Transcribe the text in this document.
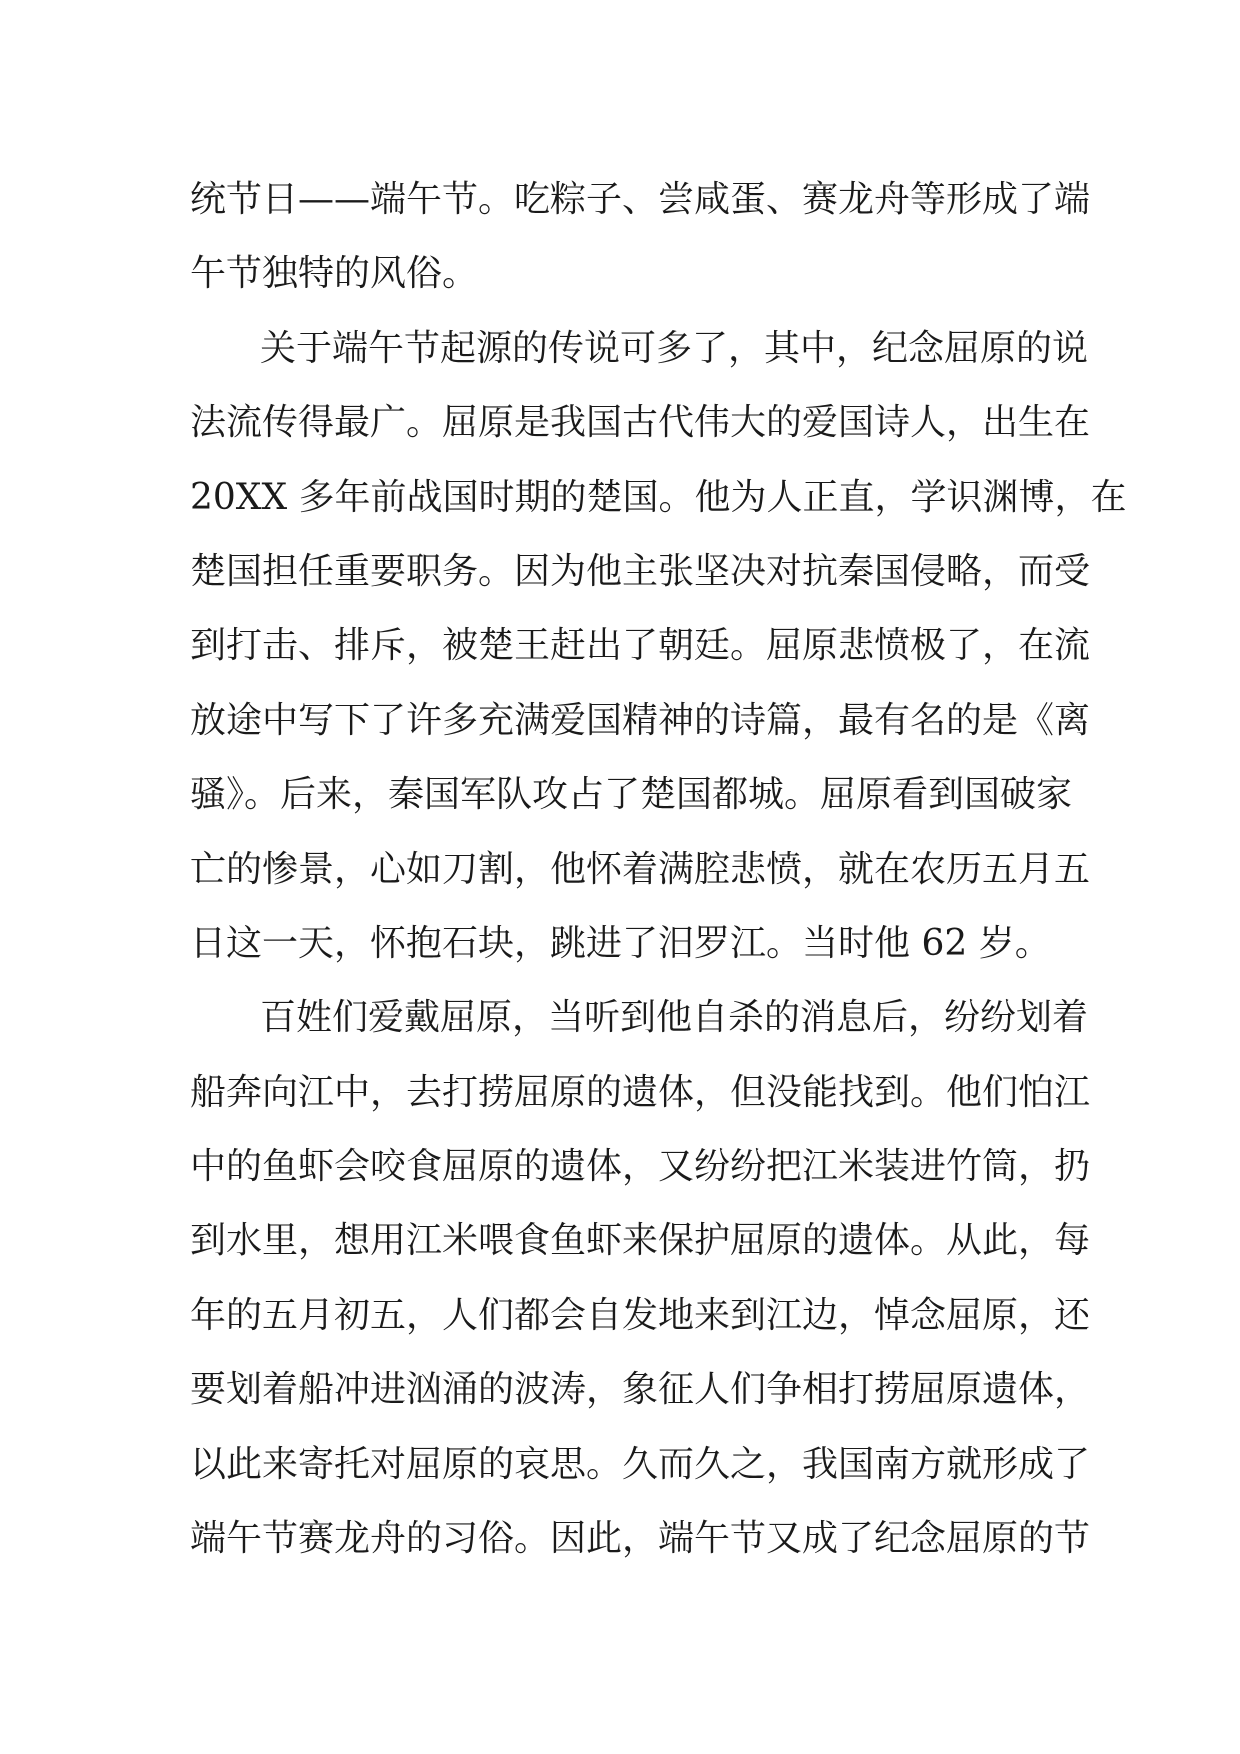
统节日——端午节。吃粽子、尝咸蛋、赛龙舟等形成了端
午节独特的风俗。
关于端午节起源的传说可多了，其中，纪念屈原的说
法流传得最广。屈原是我国古代伟大的爱国诗人，出生在
20XX 多年前战国时期的楚国。他为人正直，学识渊博，在
楚国担任重要职务。因为他主张坚决对抗秦国侵略，而受
到打击、排斥，被楚王赶出了朝廷。屈原悲愤极了，在流
放途中写下了许多充满爱国精神的诗篇，最有名的是《离
骚》。后来，秦国军队攻占了楚国都城。屈原看到国破家
亡的惨景，心如刀割，他怀着满腔悲愤，就在农历五月五
日这一天，怀抱石块，跳进了汨罗江。当时他 62 岁。
百姓们爱戴屈原，当听到他自杀的消息后，纷纷划着
船奔向江中，去打捞屈原的遗体，但没能找到。他们怕江
中的鱼虾会咬食屈原的遗体，又纷纷把江米装进竹筒，扔
到水里，想用江米喂食鱼虾来保护屈原的遗体。从此，每
年的五月初五，人们都会自发地来到江边，悼念屈原，还
要划着船冲进汹涌的波涛，象征人们争相打捞屈原遗体，
以此来寄托对屈原的哀思。久而久之，我国南方就形成了
端午节赛龙舟的习俗。因此，端午节又成了纪念屈原的节
